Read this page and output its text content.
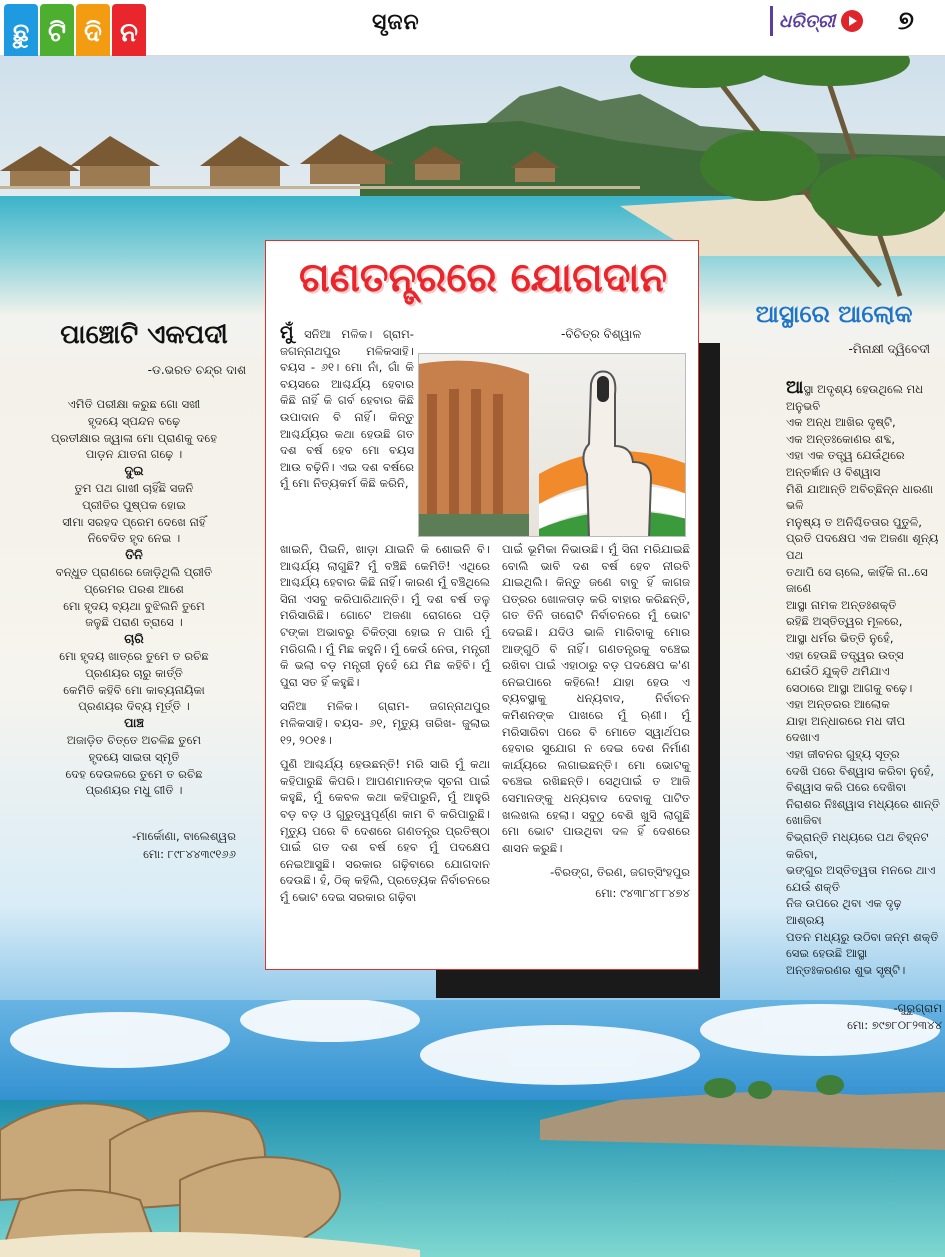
ଛୁ ଟି ଦି ନ	ସୃଜନ	ଧରିତ୍ରୀ ୭
ଗଣତନ୍ତ୍ରରେ ଯୋଗଦାନ
-ବିଚିତ୍ର ବିଶ୍ୱାଳ
ମୁଁ ସନିଆ ମଳିକ। ଗ୍ରାମ- ଜଗନ୍ନାଥପୁର ମଳିକସାହି। ବୟସ - ୬୧। ମୋ ନାଁ, ଗାଁ କି ବୟସରେ ଆଶ୍ଚର୍ଯ୍ୟ ହେବାର କିଛି ନାହିଁ କି ଗର୍ବ ହେବାର କିଛି ଉପାଦାନ ବି ନାହିଁ। କିନ୍ତୁ ଆଶ୍ଚର୍ଯ୍ୟର କଥା ହେଉଛି ଗତ ଦଶ ବର୍ଷ ହେବ ମୋ ବୟସ ଆଉ ବଢ଼ିନି। ଏଇ ଦଶ ବର୍ଷରେ ମୁଁ ମୋ ନିତ୍ୟକର୍ମ କିଛି କରିନି,

ଖାଇନି, ପିଇନି, ଖାଡ଼ା ଯାଇନି କି ଶୋଇନି ବି। ଆଶ୍ଚର୍ଯ୍ୟ ଲାଗୁଛି? ମୁଁ ବଞ୍ଚିଛି କେମିତି! ଏଥିରେ ଆଶ୍ଚର୍ଯ୍ୟ ହେବାର କିଛି ନାହିଁ। କାରଣ ମୁଁ ବଞ୍ଚିଥିଲେ ସିନା ଏସବୁ କରିପାରିଥାନ୍ତି। ମୁଁ ଦଶ ବର୍ଷ ତଳୁ ମରିସାରିଛି। ଗୋଟେ ଅଜଣା ରୋଗରେ ପଡ଼ି ଟଙ୍କା ଅଭାବରୁ ଚିକିତ୍ସା ହୋଇ ନ ପାରି ମୁଁ ମରିଗଲି। ମୁଁ ମିଛ କହୁନି। ମୁଁ କେଉଁ ନେତା, ମନ୍ତ୍ରୀ କି ଭଲା ବଡ଼ ମନ୍ତ୍ରୀ ନୁହେଁ ଯେ ମିଛ କହିବି। ମୁଁ ପୁରା ସତ ହିଁ କହୁଛି।

ସନିଆ ମଳିକ। ଗ୍ରାମ- ଜଗନ୍ନାଥପୁର ମଳିକସାହି। ବୟସ- ୬୧, ମୃତ୍ୟୁ ତାରିଖ- ଜୁଲାଇ ୧୨, ୨୦୧୫।

ପୁଣି ଆଶ୍ଚର୍ଯ୍ୟ ହେଉଛନ୍ତି! ମରି ସାରି ମୁଁ କଥା କହିପାରୁଛି କିପରି। ଆପଣମାନଙ୍କ ସୂଚନା ପାଇଁ କହୁଛି, ମୁଁ କେବଳ କଥା କହିପାରୁନି, ମୁଁ ଆହୁରି ବଡ଼ ବଡ଼ ଓ ଗୁରୁତ୍ୱପୂର୍ଣ୍ଣ କାମ ବି କରିପାରୁଛି। ମୃତ୍ୟୁ ପରେ ବି ଦେଶରେ ଗଣତନ୍ତ୍ର ପ୍ରତିଷ୍ଠା ପାଇଁ ଗତ ଦଶ ବର୍ଷ ହେବ ମୁଁ ପଦକ୍ଷେପ ନେଇଆସୁଛି। ସରକାର ଗଢ଼ିବାରେ ଯୋଗଦାନ ଦେଉଛି। ହଁ, ଠିକ୍ କହିଲି, ପ୍ରତ୍ୟେକ ନିର୍ବାଚନରେ ମୁଁ ଭୋଟ ଦେଇ ସରକାର ଗଢ଼ିବା

ପାଇଁ ଭୂମିକା ନିଭାଉଛି। ମୁଁ ସିନା ମରିଯାଇଛି ବୋଲି ଭାବି ଦଶ ବର୍ଷ ହେବ ନୀରବି ଯାଇଥିଲି। କିନ୍ତୁ ଜଣେ ବାବୁ ହିଁ କାଗଜ ପତ୍ରର ଖୋଳତାଡ଼ କରି ବାହାର କରିଛନ୍ତି, ଗତ ତିନି ତାରୋଟି ନିର୍ବାଚନରେ ମୁଁ ଭୋଟ ଦେଇଛି। ଯଦିଓ ଭାଳି ମାରିବାକୁ ମୋର ଆଙ୍ଗୁଠି ବି ନାହିଁ। ଗଣତନ୍ତ୍ରକୁ ବଞ୍ଚେଇ ରଖିବା ପାଇଁ ଏହାଠାରୁ ବଡ଼ ପଦକ୍ଷେପ କ'ଣ ନେଇପାରେ କହିଲେ! ଯାହା ହେଉ ଏ ବ୍ୟବସ୍ଥାକୁ ଧନ୍ୟବାଦ, ନିର୍ବାଚନ କମିଶନଙ୍କ ପାଖରେ ମୁଁ ଋଣୀ। ମୁଁ ମରିସାରିବା ପରେ ବି ମୋତେ ସ୍ୱାର୍ଥପର ହେବାର ସୁଯୋଗ ନ ଦେଇ ଦେଶ ନିର୍ମାଣ କାର୍ଯ୍ୟରେ ଲଗାଇଛନ୍ତି। ମୋ ଭୋଟକୁ ବଞ୍ଚେଇ ରଖିଛନ୍ତି। ସେଥିପାଇଁ ତ ଆଜି ସେମାନଙ୍କୁ ଧନ୍ୟବାଦ ଦେବାକୁ ପାଟିତ ଖଲଖଲ ହେଲା। ସବୁଠୁ ବେଶି ଖୁସି ଲାଗୁଛି ମୋ ଭୋଟ ପାଉଥିବା ଦଳ ହିଁ ଦେଶରେ ଶାସନ କରୁଛି।

-ବିରଙ୍ଗ, ତିରଣ, ଜଗତ୍‌ସିଂହପୁର
ମୋ: ୯୪୩୮୪୮୮୪୭୪
ପାଞ୍ଚୋଟି ଏକପଦୀ
-ଡ.ଭରତ ଚନ୍ଦ୍ର ଦାଶ
ଏମିତି ପରୀକ୍ଷା କରୁଛ ଗୋ ସଖୀ
ହୃଦୟେ ସ୍ପନ୍ଦନ ବଢ଼େ
ପ୍ରତୀକ୍ଷାର ଜ୍ୱାଳା ମୋ ପ୍ରାଣକୁ ଦହେ
ପାଡ଼ନ ଯାତନା ଗଢ଼େ ।
ଦୁଇ
ତୁମ ପଥ ଗାଖୀ ଚାହିଁଛି ସଜନି
ପ୍ରୀତିର ପୁଷ୍ପକ ହୋଇ
ସୀମା ସରହଦ ପ୍ରେମ ଦେଖେ ନାହିଁ
ନିବେଦିତ ହୃଦ ନେଇ ।
ତିନି
ବନ୍ଧୁତ ପ୍ରାଣରେ ଜୋଡ଼ିଥିଲି ପ୍ରୀତି
ପ୍ରେମର ପରଶ ଆଶେ
ମୋ ହୃଦୟ ବ୍ୟଥା ବୁଝିଲନି ତୁମେ
ଜଳୁଛି ପରାଣ ତ୍ରାସେ ।
ଚାରି
ମୋ ହୃଦୟ ଖାତ୍ରେ ତୁମେ ତ ରଚିଛ
ପ୍ରଣୟର ଚାରୁ କାର୍ତ୍ତି
କେମିତି କହିବି ମୋ କାବ୍ୟନାୟିକା
ପ୍ରଣୟର ଦିବ୍ୟ ମୂର୍ତ୍ତି ।
ପାଞ୍ଚ
ଅଜାଡ଼ିତ ଚିତ୍ତେ ଅଚଳିଛ ତୁମେ
ହୃଦୟେ ସାଇତା ସ୍ମୃତି
ଦେହ ଦେଉଳରେ ତୁମେ ତ ରଚିଛ
ପ୍ରଣୟର ମଧୁ ଗୀତି ।
-ମାର୍କୋଣା, ବାଲେଶ୍ୱର
ମୋ: ୮୯୮୪୪୩୯୧୬୬
ଆସ୍ଥାରେ ଆଲୋକ
-ମିନାକ୍ଷୀ ଦ୍ୱିବେଦୀ
ଆସ୍ଥା ଅଦୃଶ୍ୟ ହେଉଥିଲେ ମଧ ଅନୁଭବି
ଏକ ଅନ୍ଧ ଆଖିର ଦୃଷ୍ଟି,
ଏକ ଅନ୍ତଃକୋଣର ଶବ୍ଦ,
ଏହା ଏକ ତତ୍ତ୍ୱ ଯେଉଁଥିରେ ଅନ୍ତର୍ଜ୍ଞାନ ଓ ବିଶ୍ୱାସ
ମିଶି ଯାଆନ୍ତି ଅବିଚ୍ଛିନ୍ନ ଧାରଣା ଭଳି
ମନୁଷ୍ୟ ତ ଅନିଶ୍ଚିତତାର ପୁତୁଳି,
ପ୍ରତି ପଦକ୍ଷେପ ଏକ ଅଜଣା ଶୂନ୍ୟ ପଥ
ତଥାପି ସେ ଚାଲେ, କାହିଁକି ନା..ସେ ଜାଣେ
ଆସ୍ଥା ନାମକ ଅନ୍ତଃଶକ୍ତି
ରହିଛି ଅସ୍ତିତ୍ୱର ମୂଳରେ,
ଆସ୍ଥା ଧର୍ମର ଭିତ୍ତି ନୁହେଁ,
ଏହା ହେଉଛି ତତ୍ତ୍ୱର ଉତ୍ସ
ଯେଉଁଠି ଯୁକ୍ତି ଥମିଯାଏ
ସେଠାରେ ଆସ୍ଥା ଆଗକୁ ବଢ଼େ।
ଏହା ଅନ୍ତରର ଆଲୋକ
ଯାହା ଅନ୍ଧାରରେ ମଧ ଦୀପ ଦେଖାଏ
ଏହା ଜୀବନର ଗୁହ୍ୟ ସୂତ୍ର
ଦେଖି ପରେ ବିଶ୍ୱାସ କରିବା ନୁହେଁ,
ବିଶ୍ୱାସ କରି ପରେ ଦେଖିବା
ନିରାଶର ନିଃଶ୍ୱାସ ମଧ୍ୟରେ ଶାନ୍ତି ଖୋଜିବା
ବିଭ୍ରାନ୍ତି ମଧ୍ୟରେ ପଥ ଚିହ୍ନଟ କରିବା,
ଭଙ୍ଗୁର ଅସ୍ତିତ୍ୱତା ମନରେ ଥାଏ ଯେଉଁ ଶକ୍ତି
ନିଜ ଉପରେ ଥିବା ଏକ ଦୃଢ଼ ଆଶ୍ରୟ
ପତନ ମଧ୍ୟରୁ ଉଠିବା ଜନ୍ମ ଶକ୍ତି
ସେଇ ହେଉଛି ଆସ୍ଥା
ଅନ୍ତଃକରଣର ଶୁଭ ସୃଷ୍ଟି।
-ଗୁରୁଗ୍ରାମ
ମୋ: ୭୯୭୮୦୮୨୩୪୪
